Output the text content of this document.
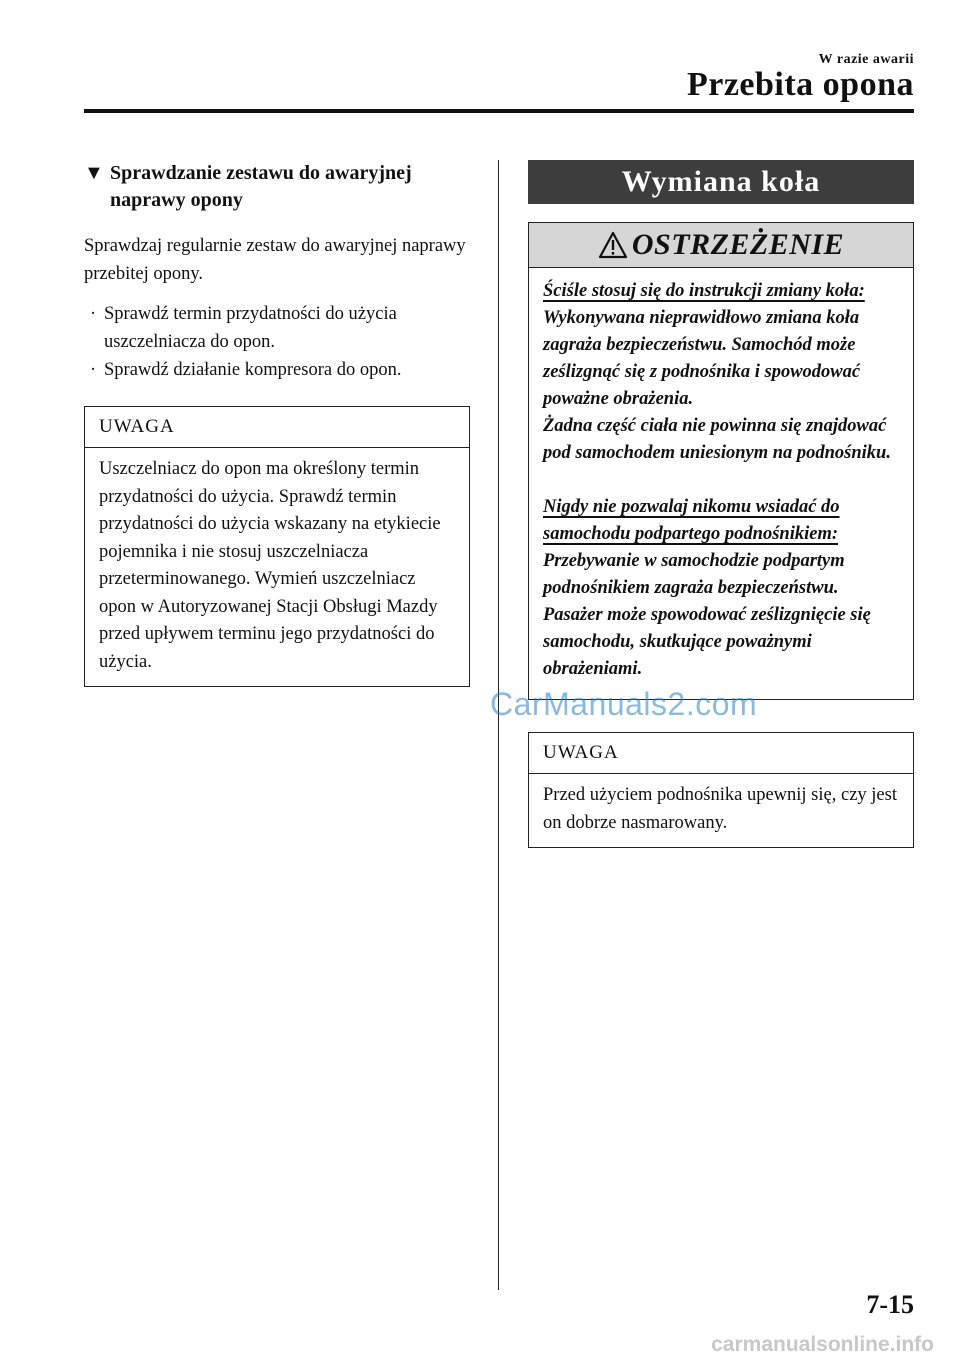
W razie awarii
Przebita opona
▼ Sprawdzanie zestawu do awaryjnej naprawy opony
Sprawdzaj regularnie zestaw do awaryjnej naprawy przebitej opony.
· Sprawdź termin przydatności do użycia uszczelniacza do opon.
· Sprawdź działanie kompresora do opon.
UWAGA
Uszczelniacz do opon ma określony termin przydatności do użycia. Sprawdź termin przydatności do użycia wskazany na etykiecie pojemnika i nie stosuj uszczelniacza przeterminowanego. Wymień uszczelniacz opon w Autoryzowanej Stacji Obsługi Mazdy przed upływem terminu jego przydatności do użycia.
Wymiana koła
OSTRZEŻENIE
Ściśle stosuj się do instrukcji zmiany koła:
Wykonywana nieprawidłowo zmiana koła zagraża bezpieczeństwu. Samochód może ześlizgnąć się z podnośnika i spowodować poważne obrażenia.
Żadna część ciała nie powinna się znajdować pod samochodem uniesionym na podnośniku.
Nigdy nie pozwalaj nikomu wsiadać do samochodu podpartego podnośnikiem:
Przebywanie w samochodzie podpartym podnośnikiem zagraża bezpieczeństwu. Pasażer może spowodować ześlizgnięcie się samochodu, skutkujące poważnymi obrażeniami.
UWAGA
Przed użyciem podnośnika upewnij się, czy jest on dobrze nasmarowany.
7-15
CarManuals2.com
carmanualsonline.info
